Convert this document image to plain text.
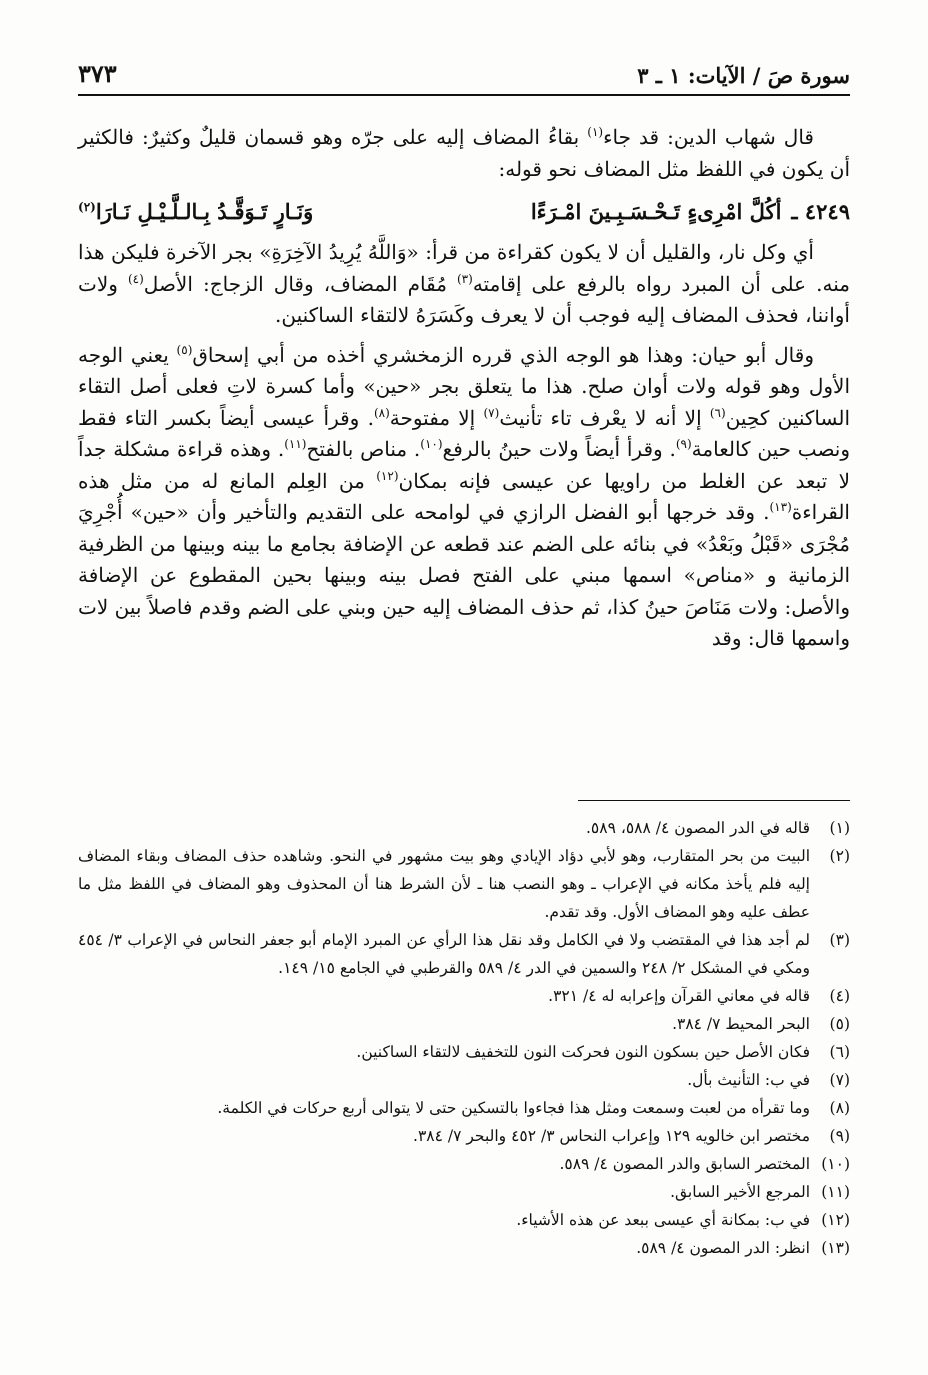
سورة صَ / الآيات: ١ ـ ٣
٣٧٣

قال شهاب الدين: قد جاء$^{(١)}$ بقاءُ المضاف إليه على جرّه وهو قسمان قليلٌ وكثيرٌ: فالكثير أن يكون في اللفظ مثل المضاف نحو قوله:

٤٢٤٩ ـ
أكُلَّ امْرِىءٍ تَـحْـسَـبِـينَ امْـرَءًا
وَنَـارٍ تَـوَقَّـدُ بِـالـلَّـيْـلِ نَـارَا$^{(٢)}$

أي وكل نار، والقليل أن لا يكون كقراءة من قرأ: «وَاللَّهُ يُرِيدُ الآخِرَةِ» بجر الآخرة فليكن هذا منه. على أن المبرد رواه بالرفع على إقامته$^{(٣)}$ مُقَام المضاف، وقال الزجاج: الأصل$^{(٤)}$ ولات أواننا، فحذف المضاف إليه فوجب أن لا يعرف وكَسَرَهُ لالتقاء الساكنين.

وقال أبو حيان: وهذا هو الوجه الذي قرره الزمخشري أخذه من أبي إسحاق$^{(٥)}$ يعني الوجه الأول وهو قوله ولات أوان صلح. هذا ما يتعلق بجر «حين» وأما كسرة لاتِ فعلى أصل التقاء الساكنين كحِين$^{(٦)}$ إلا أنه لا يعْرف تاء تأنيث$^{(٧)}$ إلا مفتوحة$^{(٨)}$. وقرأ عيسى أيضاً بكسر التاء فقط ونصب حين كالعامة$^{(٩)}$. وقرأ أيضاً ولات حينُ بالرفع$^{(١٠)}$. مناص بالفتح$^{(١١)}$. وهذه قراءة مشكلة جداً لا تبعد عن الغلط من راويها عن عيسى فإنه بمكان$^{(١٢)}$ من العِلم المانع له من مثل هذه القراءة$^{(١٣)}$. وقد خرجها أبو الفضل الرازي في لوامحه على التقديم والتأخير وأن «حين» أُجْرِيَ مُجْرَى «قَبْلُ وبَعْدُ» في بنائه على الضم عند قطعه عن الإضافة بجامع ما بينه وبينها من الظرفية الزمانية و «مناص» اسمها مبني على الفتح فصل بينه وبينها بحين المقطوع عن الإضافة والأصل: ولات مَنَاصَ حينُ كذا، ثم حذف المضاف إليه حين وبني على الضم وقدم فاصلاً بين لات واسمها قال: وقد

(١)
قاله في الدر المصون ٤/ ٥٨٨، ٥٨٩.
(٢)
البيت من بحر المتقارب، وهو لأبي دؤاد الإيادي وهو بيت مشهور في النحو. وشاهده حذف المضاف وبقاء المضاف إليه فلم يأخذ مكانه في الإعراب ـ وهو النصب هنا ـ لأن الشرط هنا أن المحذوف وهو المضاف في اللفظ مثل ما عطف عليه وهو المضاف الأول. وقد تقدم.
(٣)
لم أجد هذا في المقتضب ولا في الكامل وقد نقل هذا الرأي عن المبرد الإمام أبو جعفر النحاس في الإعراب ٣/ ٤٥٤ ومكي في المشكل ٢/ ٢٤٨ والسمين في الدر ٤/ ٥٨٩ والقرطبي في الجامع ١٥/ ١٤٩.
(٤)
قاله في معاني القرآن وإعرابه له ٤/ ٣٢١.
(٥)
البحر المحيط ٧/ ٣٨٤.
(٦)
فكان الأصل حين بسكون النون فحركت النون للتخفيف لالتقاء الساكنين.
(٧)
في ب: التأنيث بأل.
(٨)
وما تقرأه من لعبت وسمعت ومثل هذا فجاءوا بالتسكين حتى لا يتوالى أربع حركات في الكلمة.
(٩)
مختصر ابن خالويه ١٢٩ وإعراب النحاس ٣/ ٤٥٢ والبحر ٧/ ٣٨٤.
(١٠)
المختصر السابق والدر المصون ٤/ ٥٨٩.
(١١)
المرجع الأخير السابق.
(١٢)
في ب: بمكانة أي عيسى ببعد عن هذه الأشياء.
(١٣)
انظر: الدر المصون ٤/ ٥٨٩.
